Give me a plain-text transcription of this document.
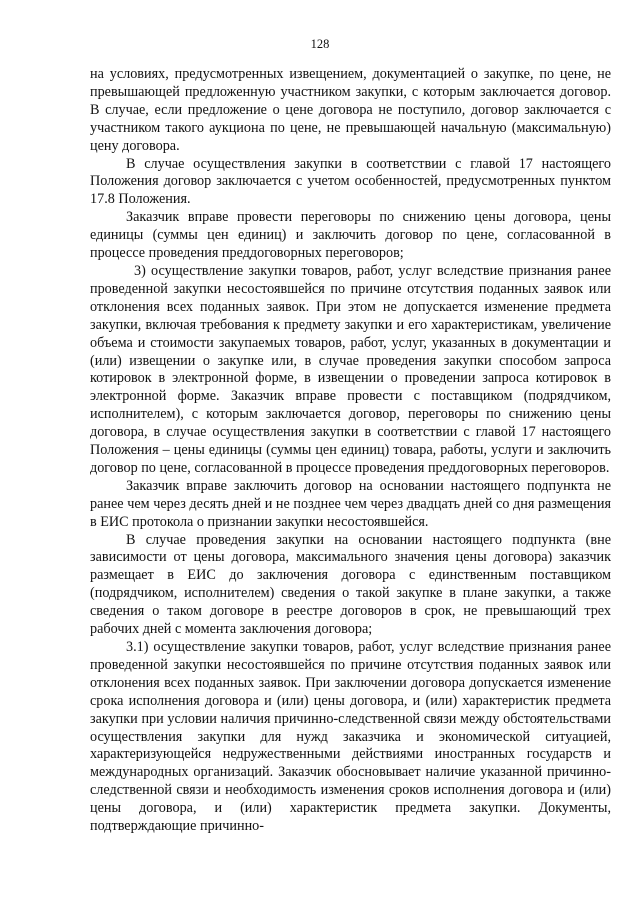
128

на условиях, предусмотренных извещением, документацией о закупке, по цене, не превышающей предложенную участником закупки, с которым заключается договор. В случае, если предложение о цене договора не поступило, договор заключается с участником такого аукциона по цене, не превышающей начальную (максимальную) цену договора.

В случае осуществления закупки в соответствии с главой 17 настоящего Положения договор заключается с учетом особенностей, предусмотренных пунктом 17.8 Положения.

Заказчик вправе провести переговоры по снижению цены договора, цены единицы (суммы цен единиц) и заключить договор по цене, согласованной в процессе проведения преддоговорных переговоров;

3) осуществление закупки товаров, работ, услуг вследствие признания ранее проведенной закупки несостоявшейся по причине отсутствия поданных заявок или отклонения всех поданных заявок. При этом не допускается изменение предмета закупки, включая требования к предмету закупки и его характеристикам, увеличение объема и стоимости закупаемых товаров, работ, услуг, указанных в документации и (или) извещении о закупке или, в случае проведения закупки способом запроса котировок в электронной форме, в извещении о проведении запроса котировок в электронной форме. Заказчик вправе провести с поставщиком (подрядчиком, исполнителем), с которым заключается договор, переговоры по снижению цены договора, в случае осуществления закупки в соответствии с главой 17 настоящего Положения – цены единицы (суммы цен единиц) товара, работы, услуги и заключить договор по цене, согласованной в процессе проведения преддоговорных переговоров.

Заказчик вправе заключить договор на основании настоящего подпункта не ранее чем через десять дней и не позднее чем через двадцать дней со дня размещения в ЕИС протокола о признании закупки несостоявшейся.

В случае проведения закупки на основании настоящего подпункта (вне зависимости от цены договора, максимального значения цены договора) заказчик размещает в ЕИС до заключения договора с единственным поставщиком (подрядчиком, исполнителем) сведения о такой закупке в плане закупки, а также сведения о таком договоре в реестре договоров в срок, не превышающий трех рабочих дней с момента заключения договора;

3.1) осуществление закупки товаров, работ, услуг вследствие признания ранее проведенной закупки несостоявшейся по причине отсутствия поданных заявок или отклонения всех поданных заявок. При заключении договора допускается изменение срока исполнения договора и (или) цены договора, и (или) характеристик предмета закупки при условии наличия причинно-следственной связи между обстоятельствами осуществления закупки для нужд заказчика и экономической ситуацией, характеризующейся недружественными действиями иностранных государств и международных организаций. Заказчик обосновывает наличие указанной причинно-следственной связи и необходимость изменения сроков исполнения договора и (или) цены договора, и (или) характеристик предмета закупки. Документы, подтверждающие причинно-
